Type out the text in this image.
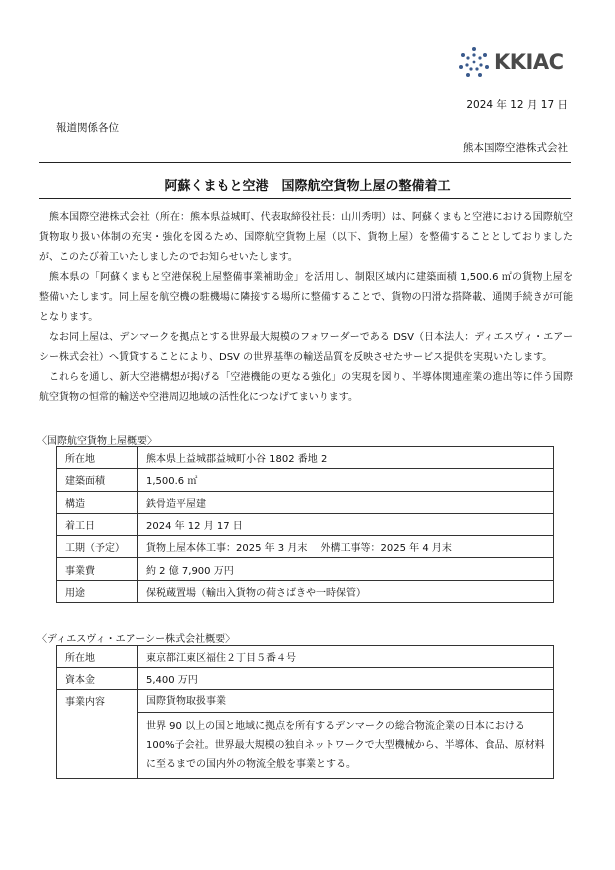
KKIAC
2024 年 12 月 17 日
報道関係各位
熊本国際空港株式会社
阿蘇くまもと空港　国際航空貨物上屋の整備着工

熊本国際空港株式会社（所在：熊本県益城町、代表取締役社長：山川秀明）は、阿蘇くまもと空港における国際航空貨物取り扱い体制の充実・強化を図るため、国際航空貨物上屋（以下、貨物上屋）を整備することとしておりましたが、このたび着工いたしましたのでお知らせいたします。

熊本県の「阿蘇くまもと空港保税上屋整備事業補助金」を活用し、制限区域内に建築面積 1,500.6 ㎡の貨物上屋を整備いたします。同上屋を航空機の駐機場に隣接する場所に整備することで、貨物の円滑な搭降載、通関手続きが可能となります。

なお同上屋は、デンマークを拠点とする世界最大規模のフォワーダーである DSV（日本法人：ディエスヴィ・エアーシー株式会社）へ賃貸することにより、DSV の世界基準の輸送品質を反映させたサービス提供を実現いたします。

これらを通し、新大空港構想が掲げる「空港機能の更なる強化」の実現を図り、半導体関連産業の進出等に伴う国際航空貨物の恒常的輸送や空港周辺地域の活性化につなげてまいります。

〈国際航空貨物上屋概要〉
所在地	熊本県上益城郡益城町小谷 1802 番地 2
建築面積	1,500.6 ㎡
構造	鉄骨造平屋建
着工日	2024 年 12 月 17 日
工期（予定）	貨物上屋本体工事：2025 年 3 月末　 外構工事等：2025 年 4 月末
事業費	約 2 億 7,900 万円
用途	保税蔵置場（輸出入貨物の荷さばきや一時保管）
〈ディエスヴィ・エアーシー株式会社概要〉
所在地	東京都江東区福住２丁目５番４号
資本金	5,400 万円
事業内容	国際貨物取扱事業
世界 90 以上の国と地域に拠点を所有するデンマークの総合物流企業の日本における 100%子会社。世界最大規模の独自ネットワークで大型機械から、半導体、食品、原材料に至るまでの国内外の物流全般を事業とする。
